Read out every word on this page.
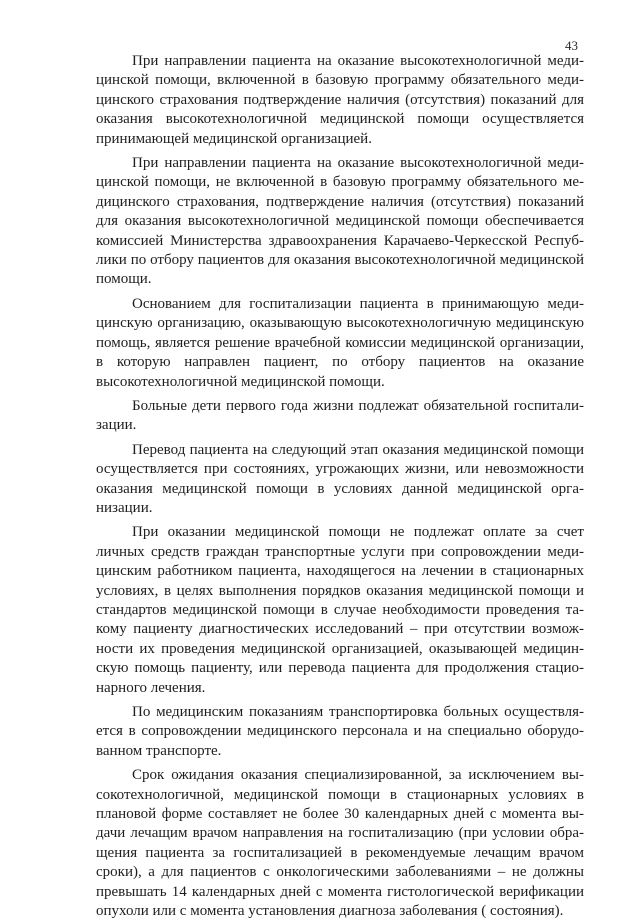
43

При направлении пациента на оказание высокотехнологичной медицинской помощи, включенной в базовую программу обязательного медицинского страхования подтверждение наличия (отсутствия) показаний для оказания высокотехнологичной медицинской помощи осуществляется принимающей медицинской организацией.

При направлении пациента на оказание высокотехнологичной медицинской помощи, не включенной в базовую программу обязательного медицинского страхования, подтверждение наличия (отсутствия) показаний для оказания высокотехнологичной медицинской помощи обеспечивается комиссией Министерства здравоохранения Карачаево-Черкесской Республики по отбору пациентов для оказания высокотехнологичной медицинской помощи.

Основанием для госпитализации пациента в принимающую медицинскую организацию, оказывающую высокотехнологичную медицинскую помощь, является решение врачебной комиссии медицинской организации, в которую направлен пациент, по отбору пациентов на оказание высокотехнологичной медицинской помощи.

Больные дети первого года жизни подлежат обязательной госпитализации.

Перевод пациента на следующий этап оказания медицинской помощи осуществляется при состояниях, угрожающих жизни, или невозможности оказания медицинской помощи в условиях данной медицинской организации.

При оказании медицинской помощи не подлежат оплате за счет личных средств граждан транспортные услуги при сопровождении медицинским работником пациента, находящегося на лечении в стационарных условиях, в целях выполнения порядков оказания медицинской помощи и стандартов медицинской помощи в случае необходимости проведения такому пациенту диагностических исследований – при отсутствии возможности их проведения медицинской организацией, оказывающей медицинскую помощь пациенту, или перевода пациента для продолжения стационарного лечения.

По медицинским показаниям транспортировка больных осуществляется в сопровождении медицинского персонала и на специально оборудованном транспорте.

Срок ожидания оказания специализированной, за исключением высокотехнологичной, медицинской помощи в стационарных условиях в плановой форме составляет не более 30 календарных дней с момента выдачи лечащим врачом направления на госпитализацию (при условии обращения пациента за госпитализацией в рекомендуемые лечащим врачом сроки), а для пациентов с онкологическими заболеваниями – не должны превышать 14 календарных дней с момента гистологической верификации опухоли или с момента установления диагноза заболевания ( состояния).
